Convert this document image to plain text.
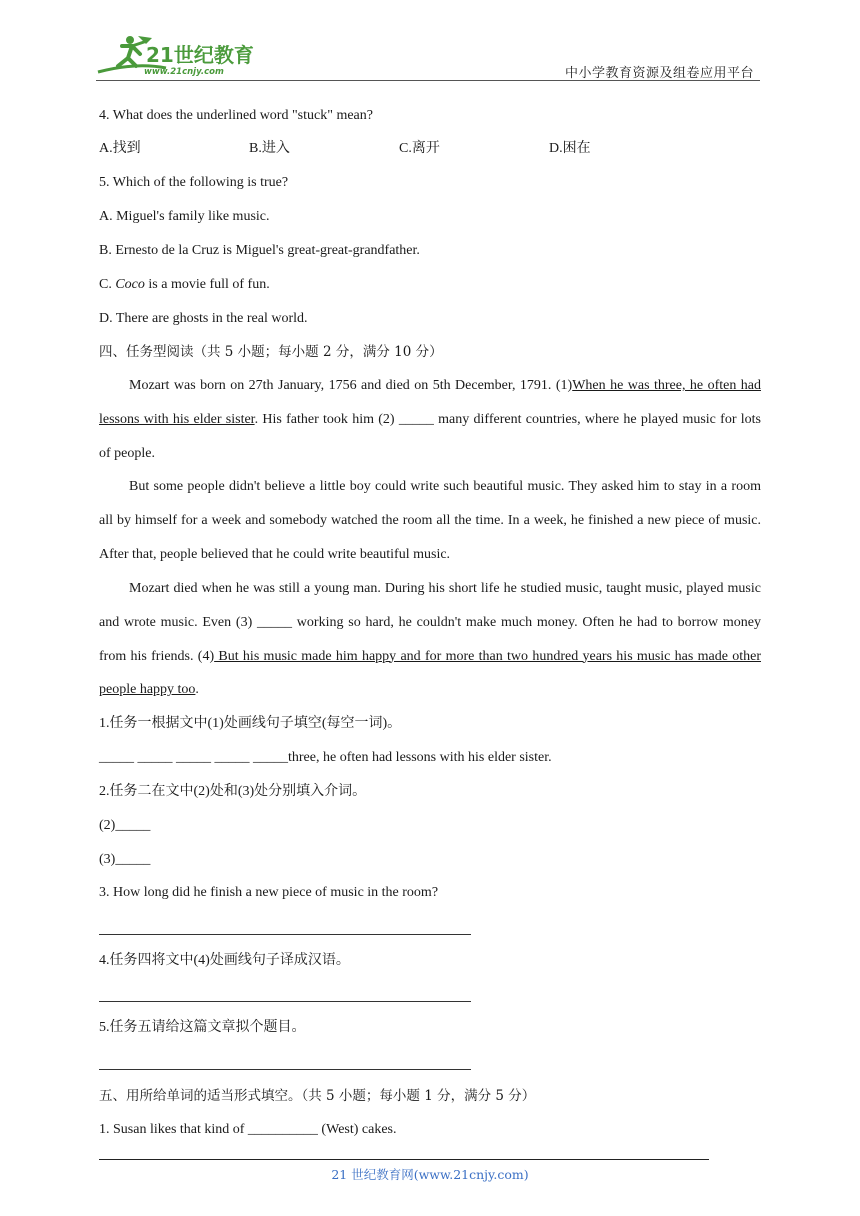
21世纪教育
www.21cnjy.com	中小学教育资源及组卷应用平台
4. What does the underlined word "stuck" mean?
A.找到	B.进入	C.离开	D.困在
5. Which of the following is true?
A. Miguel's family like music.
B. Ernesto de la Cruz is Miguel's great-great-grandfather.
C. Coco is a movie full of fun.
D. There are ghosts in the real world.
四、任务型阅读（共 5 小题；每小题 2 分，满分 10 分）
Mozart was born on 27th January, 1756 and died on 5th December, 1791. (1)When he was three, he often had lessons with his elder sister. His father took him (2) _____ many different countries, where he played music for lots of people.
But some people didn't believe a little boy could write such beautiful music. They asked him to stay in a room all by himself for a week and somebody watched the room all the time. In a week, he finished a new piece of music. After that, people believed that he could write beautiful music.
Mozart died when he was still a young man. During his short life he studied music, taught music, played music and wrote music. Even (3) _____ working so hard, he couldn't make much money. Often he had to borrow money from his friends. (4) But his music made him happy and for more than two hundred years his music has made other people happy too.
1.任务一根据文中(1)处画线句子填空(每空一词)。
_____ _____ _____ _____ _____three, he often had lessons with his elder sister.
2.任务二在文中(2)处和(3)处分别填入介词。
(2)_____
(3)_____
3. How long did he finish a new piece of music in the room?
4.任务四将文中(4)处画线句子译成汉语。
5.任务五请给这篇文章拟个题目。
五、用所给单词的适当形式填空。（共 5 小题；每小题 1 分，满分 5 分）
1. Susan likes that kind of __________ (West) cakes.
21 世纪教育网(www.21cnjy.com)
